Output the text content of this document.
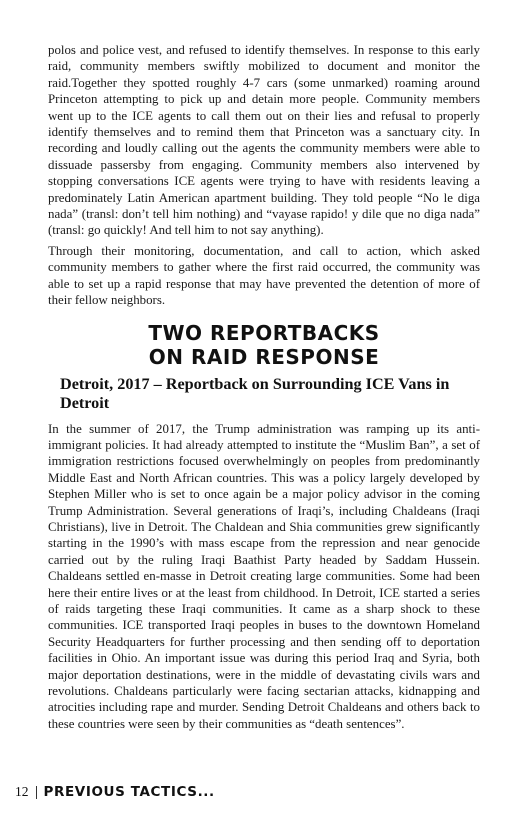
polos and police vest, and refused to identify themselves. In response to this early raid, community members swiftly mobilized to document and monitor the raid.Together they spotted roughly 4-7 cars (some unmarked) roaming around Princeton attempting to pick up and detain more people. Community members went up to the ICE agents to call them out on their lies and refusal to properly identify themselves and to remind them that Princeton was a sanctuary city. In recording and loudly calling out the agents the community members were able to dissuade passersby from engaging. Community members also intervened by stopping conversations ICE agents were trying to have with residents leaving a predominately Latin American apartment building. They told people “No le diga nada” (transl: don’t tell him nothing) and “vayase rapido! y dile que no diga nada” (transl: go quickly! And tell him to not say anything).

Through their monitoring, documentation, and call to action, which asked community members to gather where the first raid occurred, the community was able to set up a rapid response that may have prevented the detention of more of their fellow neighbors.

TWO REPORTBACKS
ON RAID RESPONSE
Detroit, 2017 – Reportback on Surrounding ICE Vans in Detroit

In the summer of 2017, the Trump administration was ramping up its anti-immigrant policies. It had already attempted to institute the “Muslim Ban”, a set of immigration restrictions focused overwhelmingly on peoples from predominantly Middle East and North African countries. This was a policy largely developed by Stephen Miller who is set to once again be a major policy advisor in the coming Trump Administration. Several generations of Iraqi’s, including Chaldeans (Iraqi Christians), live in Detroit. The Chaldean and Shia communities grew significantly starting in the 1990’s with mass escape from the repression and near genocide carried out by the ruling Iraqi Baathist Party headed by Saddam Hussein. Chaldeans settled en-masse in Detroit creating large communities. Some had been here their entire lives or at the least from childhood. In Detroit, ICE started a series of raids targeting these Iraqi communities. It came as a sharp shock to these communities. ICE transported Iraqi peoples in buses to the downtown Homeland Security Headquarters for further processing and then sending off to deportation facilities in Ohio. An important issue was during this period Iraq and Syria, both major deportation destinations, were in the middle of devastating civils wars and revolutions. Chaldeans particularly were facing sectarian attacks, kidnapping and atrocities including rape and murder. Sending Detroit Chaldeans and others back to these countries were seen by their communities as “death sentences”.

12 PREVIOUS TACTICS...
